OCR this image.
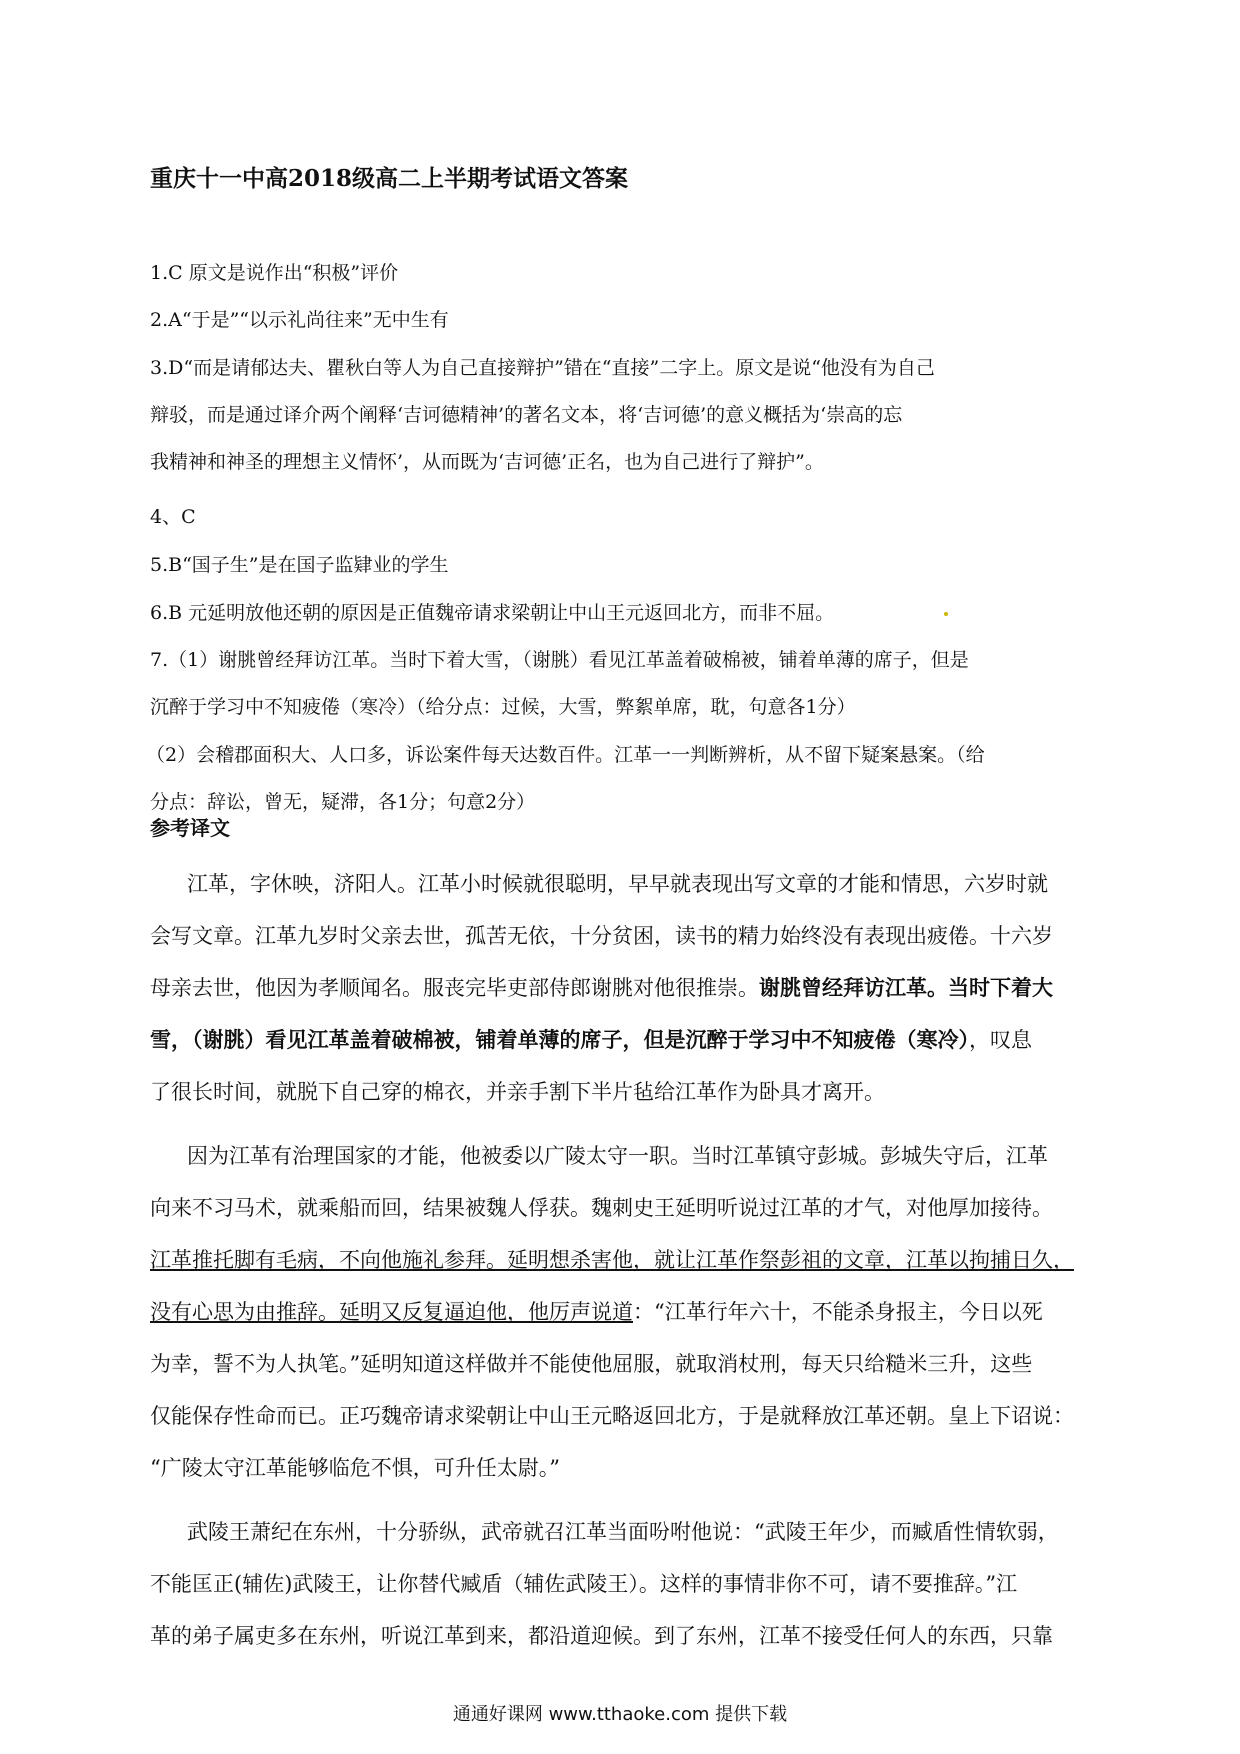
重庆十一中高2018级高二上半期考试语文答案
1.C 原文是说作出“积极”评价
2.A“于是”“以示礼尚往来”无中生有
3.D“而是请郁达夫、瞿秋白等人为自己直接辩护”错在“直接”二字上。原文是说“他没有为自己
辩驳，而是通过译介两个阐释‘吉诃德精神’的著名文本，将‘吉诃德’的意义概括为‘崇高的忘
我精神和神圣的理想主义情怀’，从而既为‘吉诃德’正名，也为自己进行了辩护”。
4、C
5.B“国子生”是在国子监肄业的学生
6.B 元延明放他还朝的原因是正值魏帝请求梁朝让中山王元返回北方，而非不屈。
7.（1）谢朓曾经拜访江革。当时下着大雪，（谢朓）看见江革盖着破棉被，铺着单薄的席子，但是
沉醉于学习中不知疲倦（寒冷）（给分点：过候，大雪，弊絮单席，耽，句意各1分）
（2）会稽郡面积大、人口多，诉讼案件每天达数百件。江革一一判断辨析，从不留下疑案悬案。（给
分点：辞讼，曾无，疑滞，各1分；句意2分）
参考译文
江革，字休映，济阳人。江革小时候就很聪明，早早就表现出写文章的才能和情思，六岁时就
会写文章。江革九岁时父亲去世，孤苦无依，十分贫困，读书的精力始终没有表现出疲倦。十六岁
母亲去世，他因为孝顺闻名。服丧完毕吏部侍郎谢朓对他很推崇。谢朓曾经拜访江革。当时下着大
雪，（谢朓）看见江革盖着破棉被，铺着单薄的席子，但是沉醉于学习中不知疲倦（寒冷），叹息
了很长时间，就脱下自己穿的棉衣，并亲手割下半片毡给江革作为卧具才离开。
因为江革有治理国家的才能，他被委以广陵太守一职。当时江革镇守彭城。彭城失守后，江革
向来不习马术，就乘船而回，结果被魏人俘获。魏刺史王延明听说过江革的才气，对他厚加接待。
江革推托脚有毛病，不向他施礼参拜。延明想杀害他，就让江革作祭彭祖的文章，江革以拘捕日久，
没有心思为由推辞。延明又反复逼迫他，他厉声说道：“江革行年六十，不能杀身报主，今日以死
为幸，誓不为人执笔。”延明知道这样做并不能使他屈服，就取消杖刑，每天只给糙米三升，这些
仅能保存性命而已。正巧魏帝请求梁朝让中山王元略返回北方，于是就释放江革还朝。皇上下诏说：
“广陵太守江革能够临危不惧，可升任太尉。”
武陵王萧纪在东州，十分骄纵，武帝就召江革当面吩咐他说：“武陵王年少，而臧盾性情软弱，
不能匡正(辅佐)武陵王，让你替代臧盾（辅佐武陵王）。这样的事情非你不可，请不要推辞。”江
革的弟子属吏多在东州，听说江革到来，都沿道迎候。到了东州，江革不接受任何人的东西，只靠
通通好课网 www.tthaoke.com 提供下载
